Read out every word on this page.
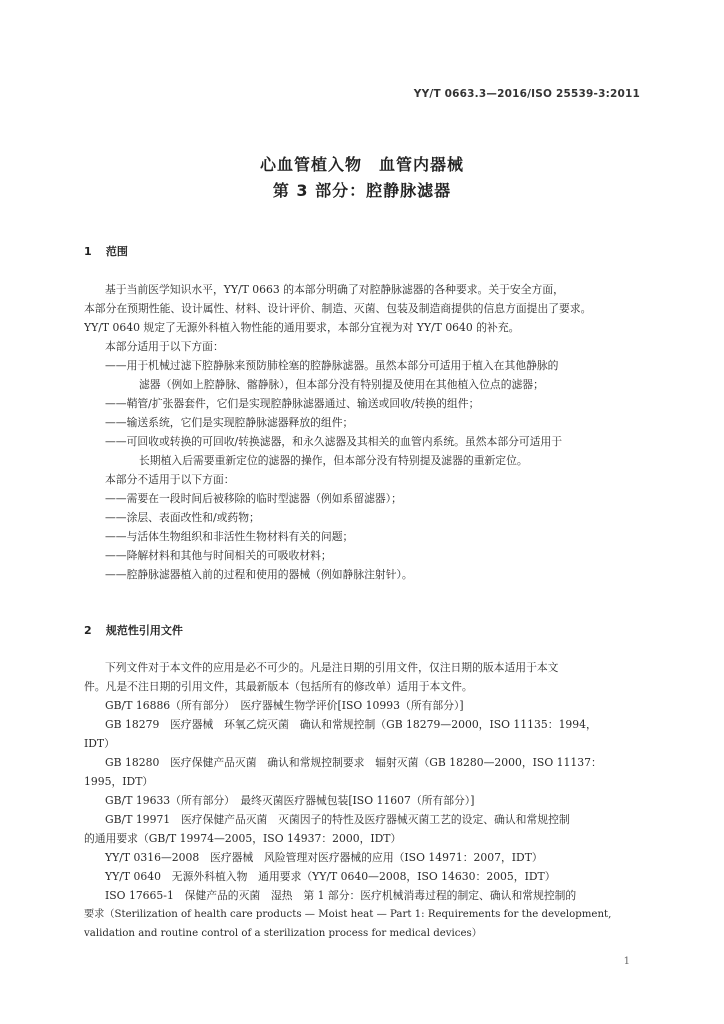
YY/T 0663.3—2016/ISO 25539-3:2011
心血管植入物　血管内器械
第 3 部分：腔静脉滤器
1 范围
基于当前医学知识水平，YY/T 0663 的本部分明确了对腔静脉滤器的各种要求。关于安全方面，
本部分在预期性能、设计属性、材料、设计评价、制造、灭菌、包装及制造商提供的信息方面提出了要求。
YY/T 0640 规定了无源外科植入物性能的通用要求，本部分宜视为对 YY/T 0640 的补充。
本部分适用于以下方面：
——用于机械过滤下腔静脉来预防肺栓塞的腔静脉滤器。虽然本部分可适用于植入在其他静脉的
滤器（例如上腔静脉、髂静脉），但本部分没有特别提及使用在其他植入位点的滤器；
——鞘管/扩张器套件，它们是实现腔静脉滤器通过、输送或回收/转换的组件；
——输送系统，它们是实现腔静脉滤器释放的组件；
——可回收或转换的可回收/转换滤器，和永久滤器及其相关的血管内系统。虽然本部分可适用于
长期植入后需要重新定位的滤器的操作，但本部分没有特别提及滤器的重新定位。
本部分不适用于以下方面：
——需要在一段时间后被移除的临时型滤器（例如系留滤器）；
——涂层、表面改性和/或药物；
——与活体生物组织和非活性生物材料有关的问题；
——降解材料和其他与时间相关的可吸收材料；
——腔静脉滤器植入前的过程和使用的器械（例如静脉注射针）。
2 规范性引用文件
下列文件对于本文件的应用是必不可少的。凡是注日期的引用文件，仅注日期的版本适用于本文
件。凡是不注日期的引用文件，其最新版本（包括所有的修改单）适用于本文件。
GB/T 16886（所有部分）　医疗器械生物学评价[ISO 10993（所有部分）]
GB 18279　医疗器械　环氧乙烷灭菌　确认和常规控制（GB 18279—2000，ISO 11135：1994，
IDT）
GB 18280　医疗保健产品灭菌　确认和常规控制要求　辐射灭菌（GB 18280—2000，ISO 11137：
1995，IDT）
GB/T 19633（所有部分）　最终灭菌医疗器械包装[ISO 11607（所有部分）]
GB/T 19971　医疗保健产品灭菌　灭菌因子的特性及医疗器械灭菌工艺的设定、确认和常规控制
的通用要求（GB/T 19974—2005，ISO 14937：2000，IDT）
YY/T 0316—2008　医疗器械　风险管理对医疗器械的应用（ISO 14971：2007，IDT）
YY/T 0640　无源外科植入物　通用要求（YY/T 0640—2008，ISO 14630：2005，IDT）
ISO 17665-1　保健产品的灭菌　湿热　第 1 部分：医疗机械消毒过程的制定、确认和常规控制的
要求（Sterilization of health care products — Moist heat — Part 1: Requirements for the development,
validation and routine control of a sterilization process for medical devices）
1
